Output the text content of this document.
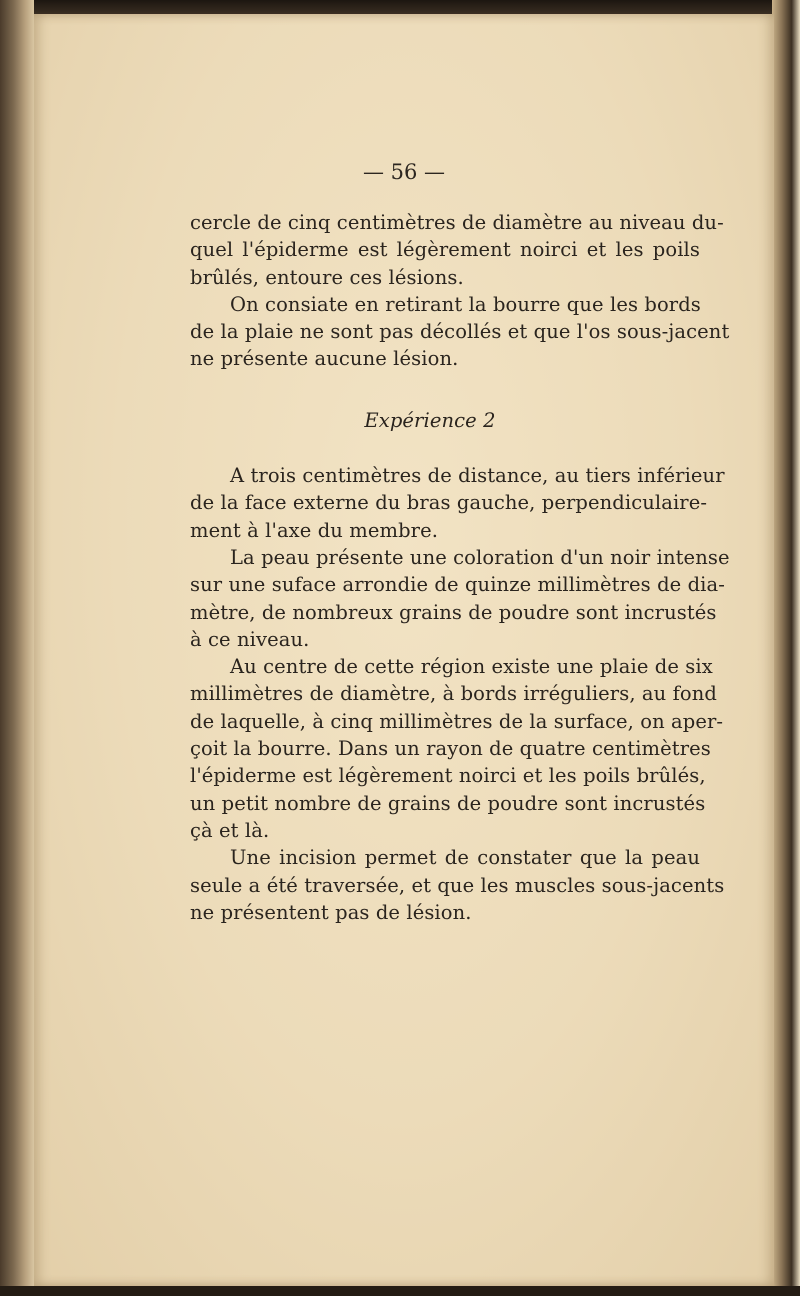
— 56 —
cercle de cinq centimètres de diamètre au niveau du-
quel l'épiderme est légèrement noirci et les poils
brûlés, entoure ces lésions.
On consiate en retirant la bourre que les bords
de la plaie ne sont pas décollés et que l'os sous-jacent
ne présente aucune lésion.
Expérience 2
A trois centimètres de distance, au tiers inférieur
de la face externe du bras gauche, perpendiculaire-
ment à l'axe du membre.
La peau présente une coloration d'un noir intense
sur une suface arrondie de quinze millimètres de dia-
mètre, de nombreux grains de poudre sont incrustés
à ce niveau.
Au centre de cette région existe une plaie de six
millimètres de diamètre, à bords irréguliers, au fond
de laquelle, à cinq millimètres de la surface, on aper-
çoit la bourre. Dans un rayon de quatre centimètres
l'épiderme est légèrement noirci et les poils brûlés,
un petit nombre de grains de poudre sont incrustés
çà et là.
Une incision permet de constater que la peau
seule a été traversée, et que les muscles sous-jacents
ne présentent pas de lésion.
